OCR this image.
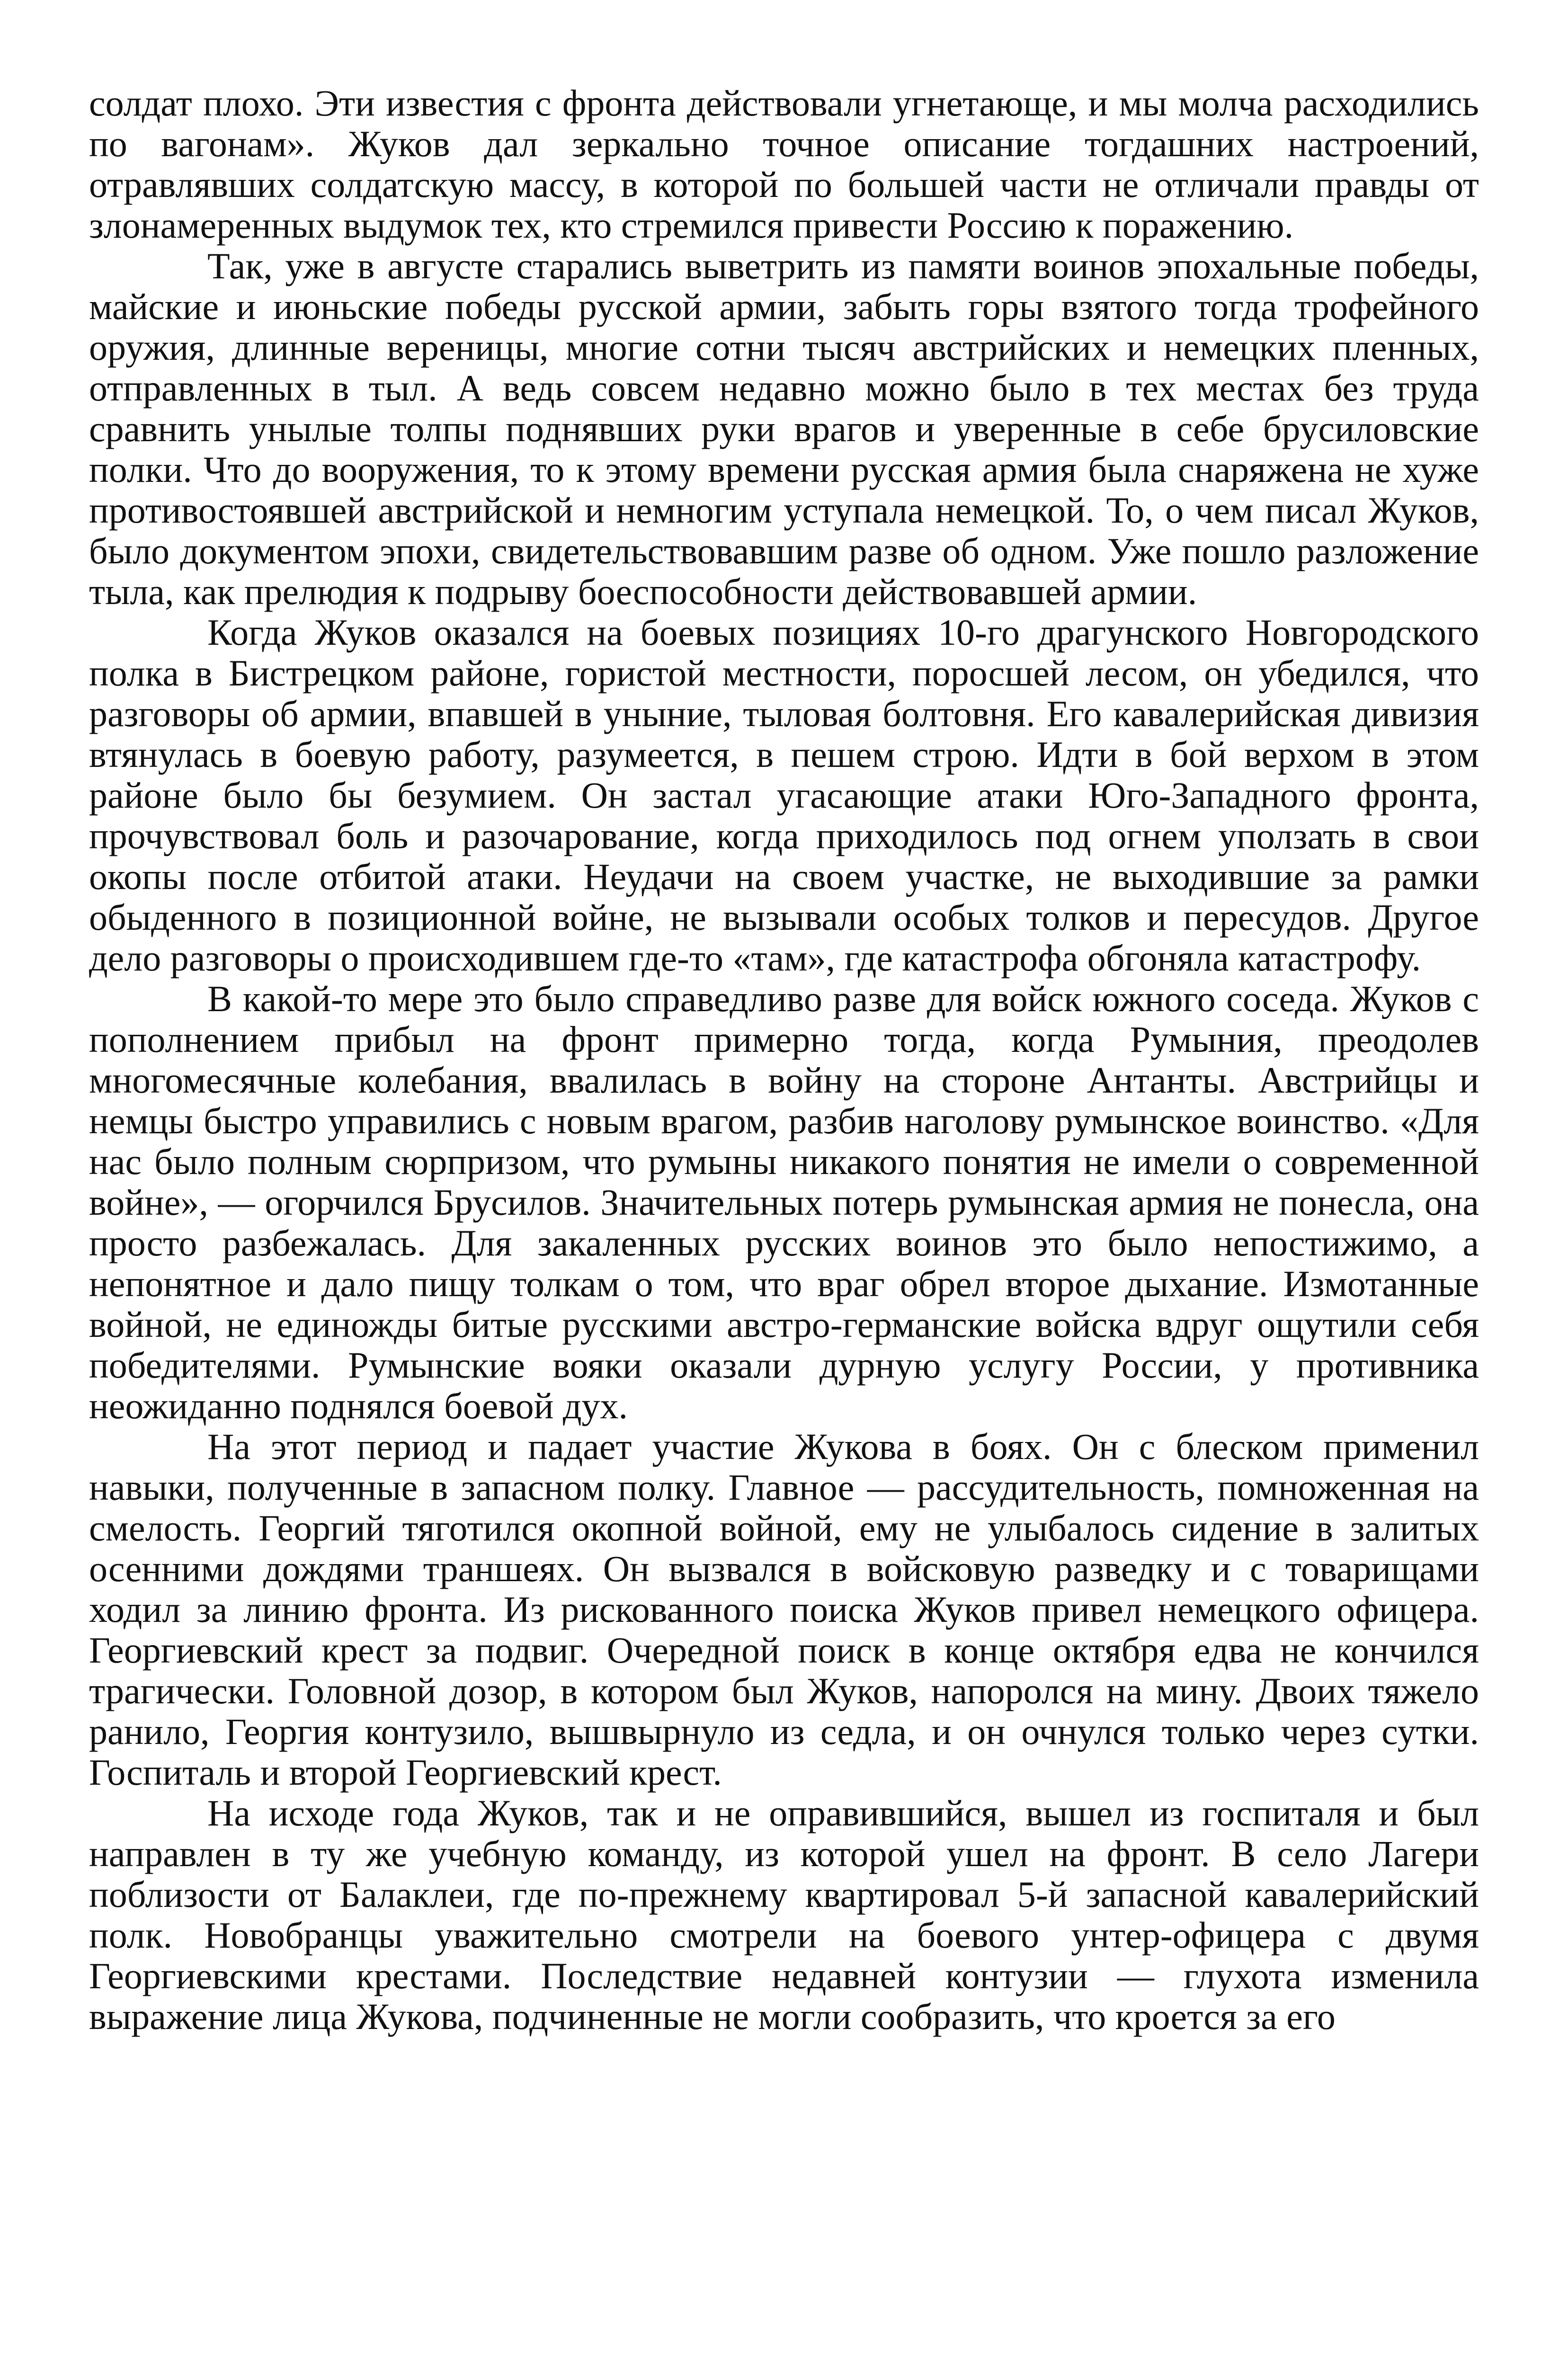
солдат плохо. Эти известия с фронта действовали угнетающе, и мы молча расходились по вагонам». Жуков дал зеркально точное описание тогдашних настроений, отравлявших солдатскую массу, в которой по большей части не отличали правды от злонамеренных выдумок тех, кто стремился привести Россию к поражению.

Так, уже в августе старались выветрить из памяти воинов эпохальные победы, майские и июньские победы русской армии, забыть горы взятого тогда трофейного оружия, длинные вереницы, многие сотни тысяч австрийских и немецких пленных, отправленных в тыл. А ведь совсем недавно можно было в тех местах без труда сравнить унылые толпы поднявших руки врагов и уверенные в себе брусиловские полки. Что до вооружения, то к этому времени русская армия была снаряжена не хуже противостоявшей австрийской и немногим уступала немецкой. То, о чем писал Жуков, было документом эпохи, свидетельствовавшим разве об одном. Уже пошло разложение тыла, как прелюдия к подрыву боеспособности действовавшей армии.

Когда Жуков оказался на боевых позициях 10-го драгунского Новгородского полка в Бистрецком районе, гористой местности, поросшей лесом, он убедился, что разговоры об армии, впавшей в уныние, тыловая болтовня. Его кавалерийская дивизия втянулась в боевую работу, разумеется, в пешем строю. Идти в бой верхом в этом районе было бы безумием. Он застал угасающие атаки Юго-Западного фронта, прочувствовал боль и разочарование, когда приходилось под огнем уползать в свои окопы после отбитой атаки. Неудачи на своем участке, не выходившие за рамки обыденного в позиционной войне, не вызывали особых толков и пересудов. Другое дело разговоры о происходившем где-то «там», где катастрофа обгоняла катастрофу.

В какой-то мере это было справедливо разве для войск южного соседа. Жуков с пополнением прибыл на фронт примерно тогда, когда Румыния, преодолев многомесячные колебания, ввалилась в войну на стороне Антанты. Австрийцы и немцы быстро управились с новым врагом, разбив наголову румынское воинство. «Для нас было полным сюрпризом, что румыны никакого понятия не имели о современной войне», — огорчился Брусилов. Значительных потерь румынская армия не понесла, она просто разбежалась. Для закаленных русских воинов это было непостижимо, а непонятное и дало пищу толкам о том, что враг обрел второе дыхание. Измотанные войной, не единожды битые русскими австро-германские войска вдруг ощутили себя победителями. Румынские вояки оказали дурную услугу России, у противника неожиданно поднялся боевой дух.

На этот период и падает участие Жукова в боях. Он с блеском применил навыки, полученные в запасном полку. Главное — рассудительность, помноженная на смелость. Георгий тяготился окопной войной, ему не улыбалось сидение в залитых осенними дождями траншеях. Он вызвался в войсковую разведку и с товарищами ходил за линию фронта. Из рискованного поиска Жуков привел немецкого офицера. Георгиевский крест за подвиг. Очередной поиск в конце октября едва не кончился трагически. Головной дозор, в котором был Жуков, напоролся на мину. Двоих тяжело ранило, Георгия контузило, вышвырнуло из седла, и он очнулся только через сутки. Госпиталь и второй Георгиевский крест.

На исходе года Жуков, так и не оправившийся, вышел из госпиталя и был направлен в ту же учебную команду, из которой ушел на фронт. В село Лагери поблизости от Балаклеи, где по-прежнему квартировал 5-й запасной кавалерийский полк. Новобранцы уважительно смотрели на боевого унтер-офицера с двумя Георгиевскими крестами. Последствие недавней контузии — глухота изменила выражение лица Жукова, подчиненные не могли сообразить, что кроется за его
